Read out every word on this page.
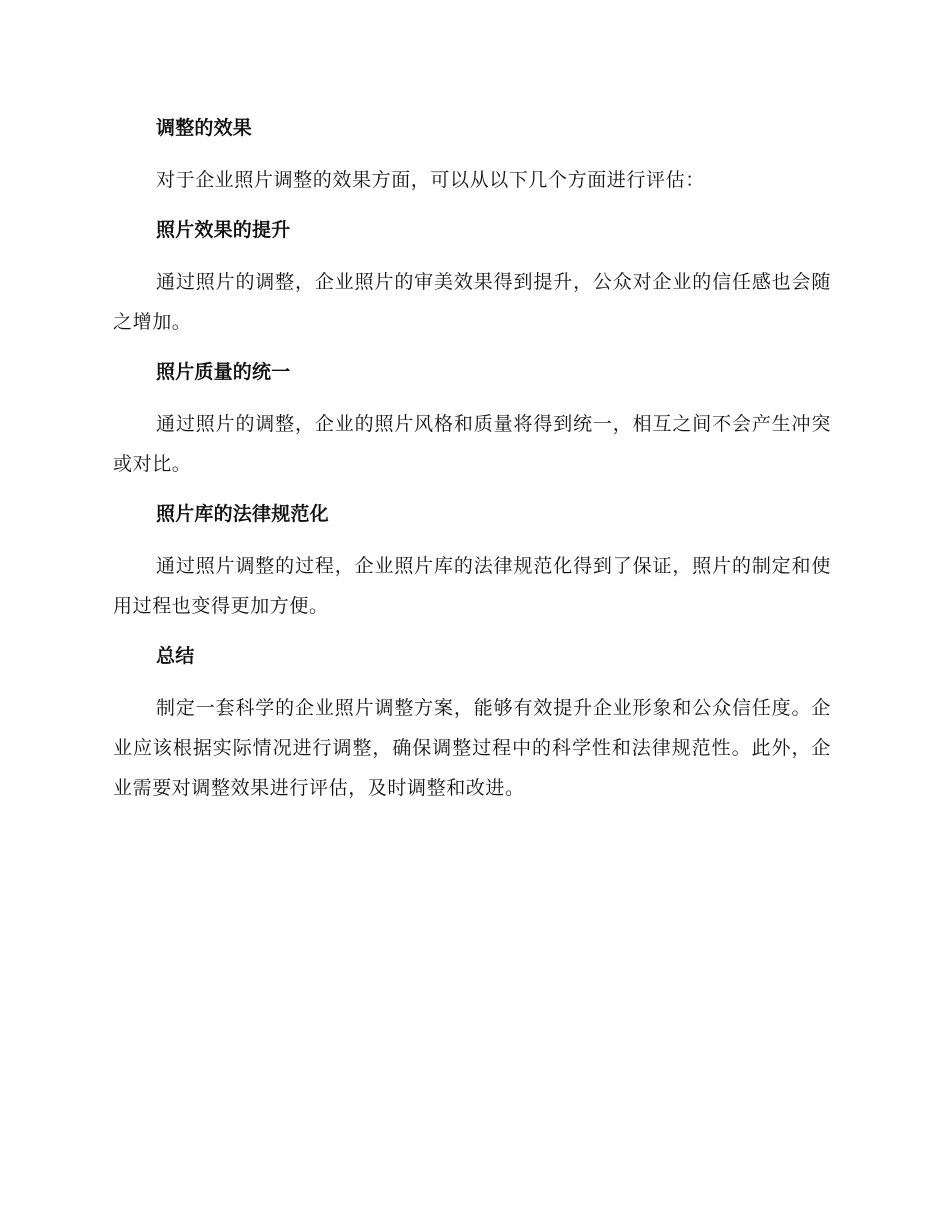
调整的效果

对于企业照片调整的效果方面，可以从以下几个方面进行评估：

照片效果的提升

通过照片的调整，企业照片的审美效果得到提升，公众对企业的信任感也会随之增加。

照片质量的统一

通过照片的调整，企业的照片风格和质量将得到统一，相互之间不会产生冲突或对比。

照片库的法律规范化

通过照片调整的过程，企业照片库的法律规范化得到了保证，照片的制定和使用过程也变得更加方便。

总结

制定一套科学的企业照片调整方案，能够有效提升企业形象和公众信任度。企业应该根据实际情况进行调整，确保调整过程中的科学性和法律规范性。此外，企业需要对调整效果进行评估，及时调整和改进。
